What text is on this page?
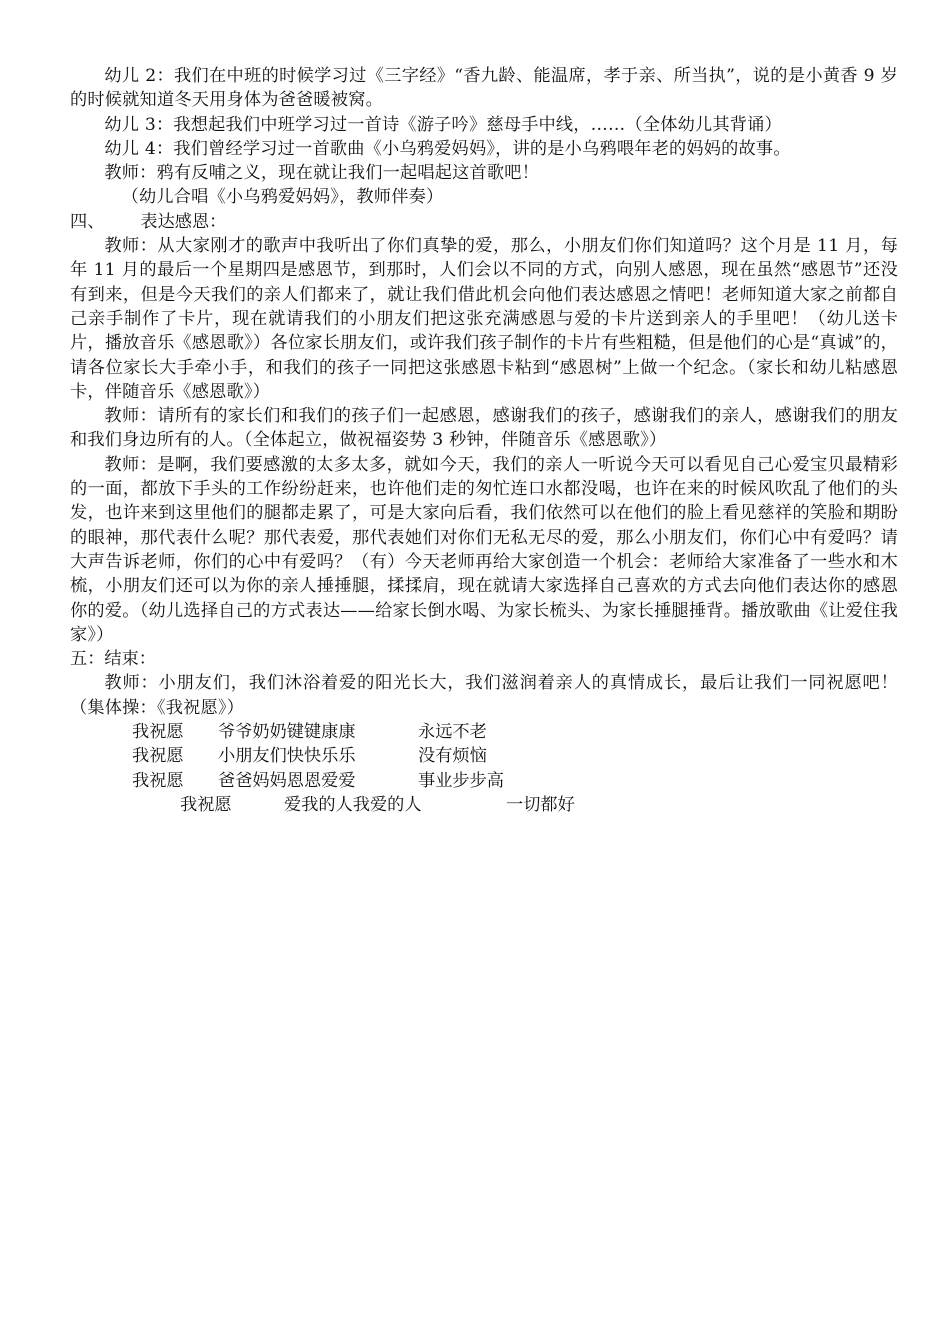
幼儿 2：我们在中班的时候学习过《三字经》“香九龄、能温席，孝于亲、所当执”，说的是小黄香 9 岁的时候就知道冬天用身体为爸爸暖被窝。

幼儿 3：我想起我们中班学习过一首诗《游子吟》慈母手中线，……（全体幼儿其背诵）

幼儿 4：我们曾经学习过一首歌曲《小乌鸦爱妈妈》，讲的是小乌鸦喂年老的妈妈的故事。

教师：鸦有反哺之义，现在就让我们一起唱起这首歌吧！

（幼儿合唱《小乌鸦爱妈妈》，教师伴奏）

四、 表达感恩：

教师：从大家刚才的歌声中我听出了你们真挚的爱，那么，小朋友们你们知道吗？这个月是 11 月，每年 11 月的最后一个星期四是感恩节，到那时，人们会以不同的方式，向别人感恩，现在虽然“感恩节”还没有到来，但是今天我们的亲人们都来了，就让我们借此机会向他们表达感恩之情吧！老师知道大家之前都自己亲手制作了卡片，现在就请我们的小朋友们把这张充满感恩与爱的卡片送到亲人的手里吧！（幼儿送卡片，播放音乐《感恩歌》）各位家长朋友们，或许我们孩子制作的卡片有些粗糙，但是他们的心是“真诚”的，请各位家长大手牵小手，和我们的孩子一同把这张感恩卡粘到“感恩树”上做一个纪念。（家长和幼儿粘感恩卡，伴随音乐《感恩歌》）

教师：请所有的家长们和我们的孩子们一起感恩，感谢我们的孩子，感谢我们的亲人，感谢我们的朋友和我们身边所有的人。（全体起立，做祝福姿势 3 秒钟，伴随音乐《感恩歌》）

教师：是啊，我们要感激的太多太多，就如今天，我们的亲人一听说今天可以看见自己心爱宝贝最精彩的一面，都放下手头的工作纷纷赶来，也许他们走的匆忙连口水都没喝，也许在来的时候风吹乱了他们的头发，也许来到这里他们的腿都走累了，可是大家向后看，我们依然可以在他们的脸上看见慈祥的笑脸和期盼的眼神，那代表什么呢？那代表爱，那代表她们对你们无私无尽的爱，那么小朋友们，你们心中有爱吗？请大声告诉老师，你们的心中有爱吗？（有）今天老师再给大家创造一个机会：老师给大家准备了一些水和木梳，小朋友们还可以为你的亲人捶捶腿，揉揉肩，现在就请大家选择自己喜欢的方式去向他们表达你的感恩你的爱。（幼儿选择自己的方式表达——给家长倒水喝、为家长梳头、为家长捶腿捶背。播放歌曲《让爱住我家》）

五：结束：

教师：小朋友们，我们沐浴着爱的阳光长大，我们滋润着亲人的真情成长，最后让我们一同祝愿吧！（集体操：《我祝愿》）

我祝愿 爷爷奶奶键键康康	永远不老

我祝愿 小朋友们快快乐乐	没有烦恼

我祝愿 爸爸妈妈恩恩爱爱	事业步步高

我祝愿	爱我的人我爱的人	一切都好
